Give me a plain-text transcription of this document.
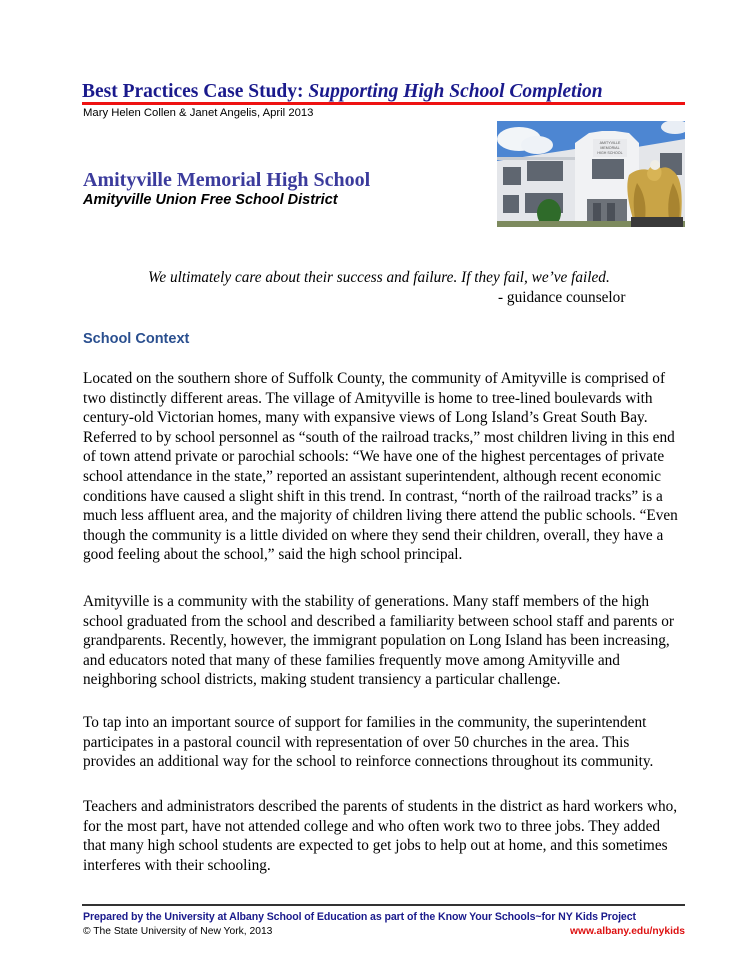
Best Practices Case Study: Supporting High School Completion
Mary Helen Collen & Janet Angelis, April 2013
AMITYVILLE
MEMORIAL
HIGH SCHOOL
Amityville Memorial High School
Amityville Union Free School District
We ultimately care about their success and failure. If they fail, we’ve failed.
- guidance counselor
School Context
Located on the southern shore of Suffolk County, the community of Amityville is comprised of
two distinctly different areas. The village of Amityville is home to tree-lined boulevards with
century-old Victorian homes, many with expansive views of Long Island’s Great South Bay.
Referred to by school personnel as “south of the railroad tracks,” most children living in this end
of town attend private or parochial schools: “We have one of the highest percentages of private
school attendance in the state,” reported an assistant superintendent, although recent economic
conditions have caused a slight shift in this trend. In contrast, “north of the railroad tracks” is a
much less affluent area, and the majority of children living there attend the public schools. “Even
though the community is a little divided on where they send their children, overall, they have a
good feeling about the school,” said the high school principal.
Amityville is a community with the stability of generations. Many staff members of the high
school graduated from the school and described a familiarity between school staff and parents or
grandparents. Recently, however, the immigrant population on Long Island has been increasing,
and educators noted that many of these families frequently move among Amityville and
neighboring school districts, making student transiency a particular challenge.
To tap into an important source of support for families in the community, the superintendent
participates in a pastoral council with representation of over 50 churches in the area. This
provides an additional way for the school to reinforce connections throughout its community.
Teachers and administrators described the parents of students in the district as hard workers who,
for the most part, have not attended college and who often work two to three jobs. They added
that many high school students are expected to get jobs to help out at home, and this sometimes
interferes with their schooling.
Prepared by the University at Albany School of Education as part of the Know Your Schools~for NY Kids Project
© The State University of New York, 2013	www.albany.edu/nykids
